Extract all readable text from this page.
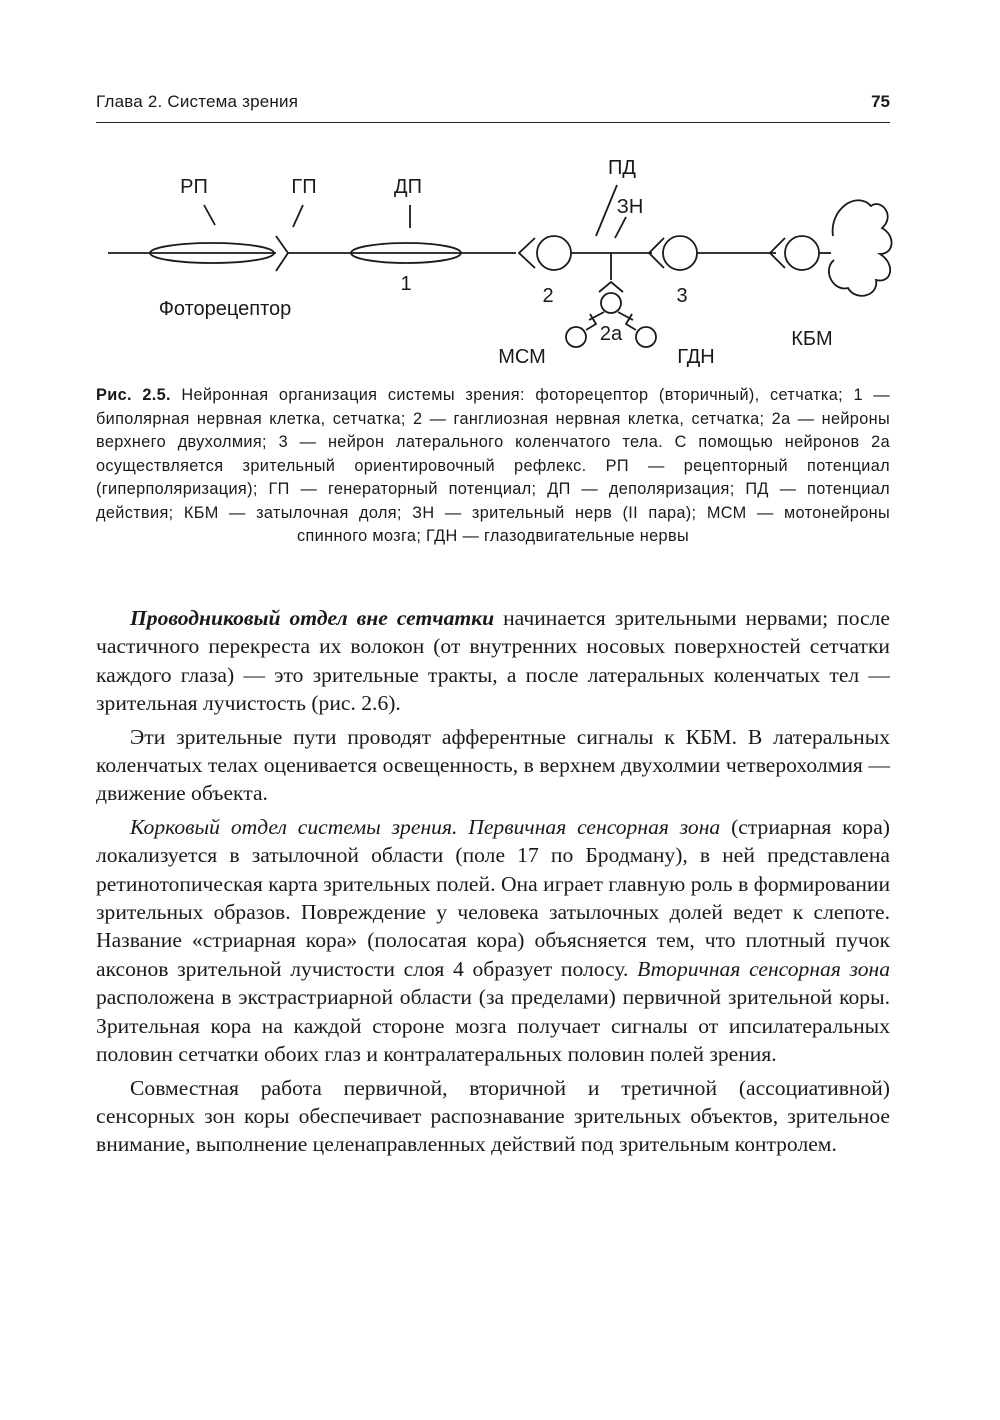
Глава 2. Система зрения	75
РП	ГП	ДП
ПД
ЗН
1
2	3
2а
Фоторецептор
МСМ	ГДН
КБМ
Рис. 2.5. Нейронная организация системы зрения: фоторецептор (вторичный), сетчатка; 1 — биполярная нервная клетка, сетчатка; 2 — ганглиозная нервная клетка, сетчатка; 2а — нейроны верхнего двухолмия; 3 — нейрон латерального коленчатого тела. С помощью нейронов 2а осуществляется зрительный ориентировочный рефлекс. РП — рецепторный потенциал (гиперполяризация); ГП — генераторный потенциал; ДП — деполяризация; ПД — потенциал действия; КБМ — затылочная доля; ЗН — зрительный нерв (II пара); МСМ — мотонейроны спинного мозга; ГДН — глазодвигательные нервы

Проводниковый отдел вне сетчатки начинается зрительными нервами; после частичного перекреста их волокон (от внутренних носовых поверхностей сетчатки каждого глаза) — это зрительные тракты, а после латеральных коленчатых тел — зрительная лучистость (рис. 2.6).

Эти зрительные пути проводят афферентные сигналы к КБМ. В латеральных коленчатых телах оценивается освещенность, в верхнем двухолмии четверохолмия — движение объекта.

Корковый отдел системы зрения. Первичная сенсорная зона (стриарная кора) локализуется в затылочной области (поле 17 по Бродману), в ней представлена ретинотопическая карта зрительных полей. Она играет главную роль в формировании зрительных образов. Повреждение у человека затылочных долей ведет к слепоте. Название «стриарная кора» (полосатая кора) объясняется тем, что плотный пучок аксонов зрительной лучистости слоя 4 образует полосу. Вторичная сенсорная зона расположена в экстрастриарной области (за пределами) первичной зрительной коры. Зрительная кора на каждой стороне мозга получает сигналы от ипсилатеральных половин сетчатки обоих глаз и контралатеральных половин полей зрения.

Совместная работа первичной, вторичной и третичной (ассоциативной) сенсорных зон коры обеспечивает распознавание зрительных объектов, зрительное внимание, выполнение целенаправленных действий под зрительным контролем.
